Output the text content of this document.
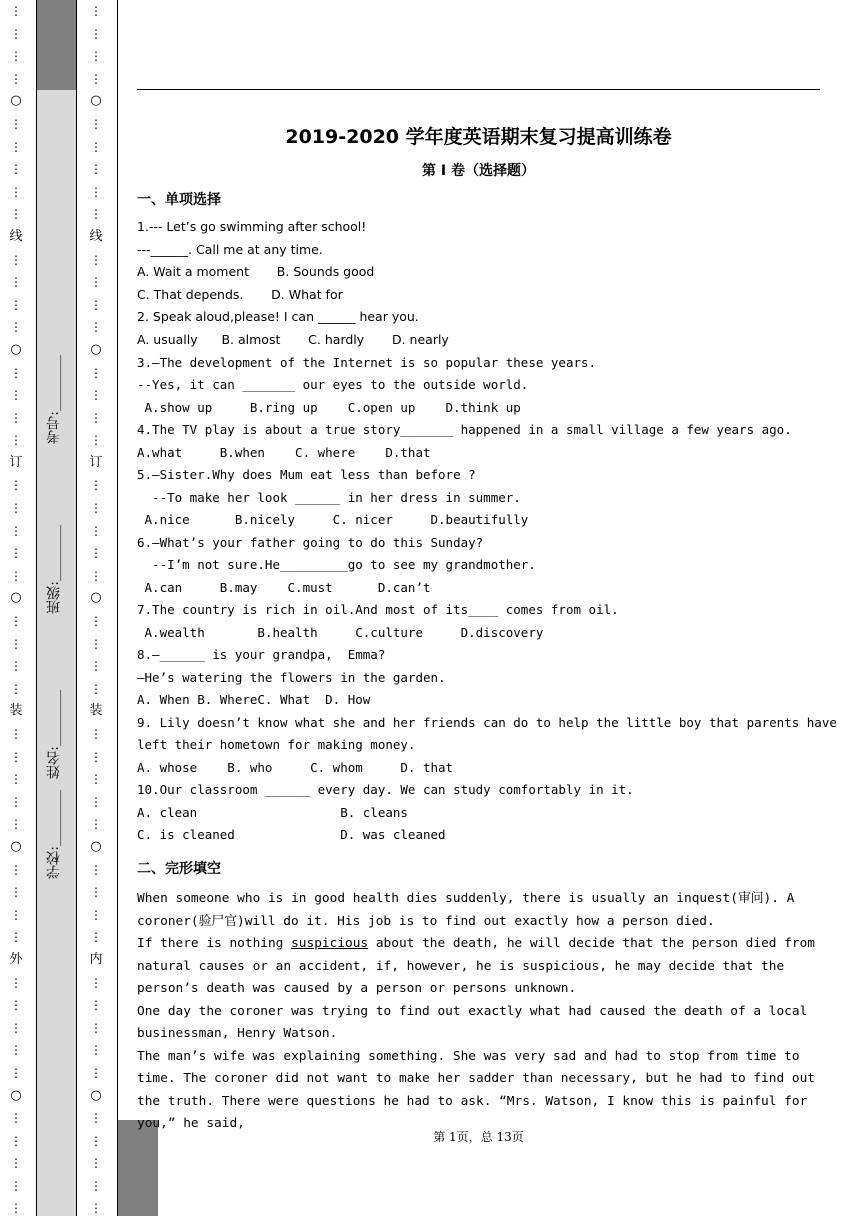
⋮
⋮
⋮
⋮
○
⋮
⋮
⋮
⋮
⋮
线
⋮
⋮
⋮
⋮
○
⋮
⋮
⋮
⋮
订
⋮
⋮
⋮
⋮
⋮
○
⋮
⋮
⋮
⋮
装
⋮
⋮
⋮
⋮
⋮
○
⋮
⋮
⋮
⋮
外
⋮
⋮
⋮
⋮
⋮
○
⋮
⋮
⋮
⋮
⋮
⋮
⋮
⋮
⋮
○
⋮
⋮
⋮
⋮
⋮
线
⋮
⋮
⋮
⋮
○
⋮
⋮
⋮
⋮
订
⋮
⋮
⋮
⋮
⋮
○
⋮
⋮
⋮
⋮
装
⋮
⋮
⋮
⋮
⋮
○
⋮
⋮
⋮
⋮
内
⋮
⋮
⋮
⋮
⋮
○
⋮
⋮
⋮
⋮
⋮
考号:________
班级:________
姓名:________
学校:________
2019-2020 学年度英语期末复习提高训练卷
第 I 卷（选择题）
一、单项选择
1.--- Let’s go swimming after school!
---______. Call me at any time.
A. Wait a moment       B. Sounds good
C. That depends.       D. What for
2. Speak aloud,please! I can ______ hear you.
A. usually      B. almost       C. hardly       D. nearly
3.—The development of the Internet is so popular these years.
--Yes, it can _______ our eyes to the outside world.
A.show up     B.ring up    C.open up    D.think up
4.The TV play is about a true story_______ happened in a small village a few years ago.
A.what     B.when    C. where    D.that
5.—Sister.Why does Mum eat less than before ?
--To make her look ______ in her dress in summer.
A.nice      B.nicely     C. nicer     D.beautifully
6.—What’s your father going to do this Sunday?
--I’m not sure.He_________go to see my grandmother.
A.can     B.may    C.must      D.can’t
7.The country is rich in oil.And most of its____ comes from oil.
A.wealth       B.health     C.culture     D.discovery
8.—______ is your grandpa,  Emma?
—He’s watering the flowers in the garden.
A. When B. WhereC. What  D. How
9. Lily doesn’t know what she and her friends can do to help the little boy that parents have
left their hometown for making money.
A. whose    B. who     C. whom     D. that
10.Our classroom ______ every day. We can study comfortably in it.
A. clean                   B. cleans
C. is cleaned              D. was cleaned
二、完形填空

When someone who is in good health dies suddenly, there is usually an inquest(审问). A coroner(验尸官)will do it. His job is to find out exactly how a person died.

If there is nothing suspicious about the death, he will decide that the person died from natural causes or an accident, if, however, he is suspicious, he may decide that the person’s death was caused by a person or persons unknown.

One day the coroner was trying to find out exactly what had caused the death of a local businessman, Henry Watson.

The man’s wife was explaining something. She was very sad and had to stop from time to time. The coroner did not want to make her sadder than necessary, but he had to find out the truth. There were questions he had to ask. “Mrs. Watson, I know this is painful for you,” he said,

第 1页，总 13页
